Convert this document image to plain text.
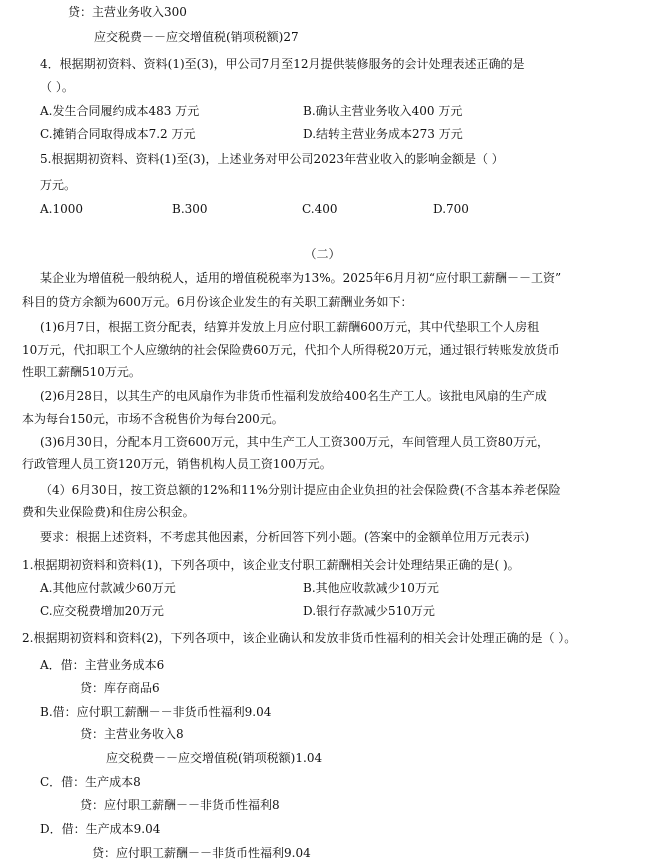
贷：主营业务收入300
应交税费－－应交增值税(销项税额)27
4．根据期初资料、资料(1)至(3)，甲公司7月至12月提供装修服务的会计处理表述正确的是
（ ）。
A.发生合同履约成本483 万元	B.确认主营业务收入400 万元
C.摊销合同取得成本7.2 万元	D.结转主营业务成本273 万元
5.根据期初资料、资料(1)至(3)，上述业务对甲公司2023年营业收入的影响金额是（ ）
万元。
A.1000	B.300	C.400	D.700
（二）
某企业为增值税一般纳税人，适用的增值税税率为13%。2025年6月月初“应付职工薪酬－－工资”
科目的贷方余额为600万元。6月份该企业发生的有关职工薪酬业务如下：
(1)6月7日，根据工资分配表，结算并发放上月应付职工薪酬600万元，其中代垫职工个人房租
10万元，代扣职工个人应缴纳的社会保险费60万元，代扣个人所得税20万元，通过银行转账发放货币
性职工薪酬510万元。
(2)6月28日，以其生产的电风扇作为非货币性福利发放给400名生产工人。该批电风扇的生产成
本为每台150元，市场不含税售价为每台200元。
(3)6月30日，分配本月工资600万元，其中生产工人工资300万元，车间管理人员工资80万元，
行政管理人员工资120万元，销售机构人员工资100万元。
（4）6月30日，按工资总额的12%和11%分别计提应由企业负担的社会保险费(不含基本养老保险
费和失业保险费)和住房公积金。
要求：根据上述资料，不考虑其他因素，分析回答下列小题。(答案中的金额单位用万元表示)
1.根据期初资料和资料(1)，下列各项中，该企业支付职工薪酬相关会计处理结果正确的是( )。
A.其他应付款减少60万元	B.其他应收款减少10万元
C.应交税费增加20万元	D.银行存款减少510万元
2.根据期初资料和资料(2)，下列各项中，该企业确认和发放非货币性福利的相关会计处理正确的是（ ）。
A．借：主营业务成本6
贷：库存商品6
B.借：应付职工薪酬－－非货币性福利9.04
贷：主营业务收入8
应交税费－－应交增值税(销项税额)1.04
C．借：生产成本8
贷：应付职工薪酬－－非货币性福利8
D．借：生产成本9.04
贷：应付职工薪酬－－非货币性福利9.04
